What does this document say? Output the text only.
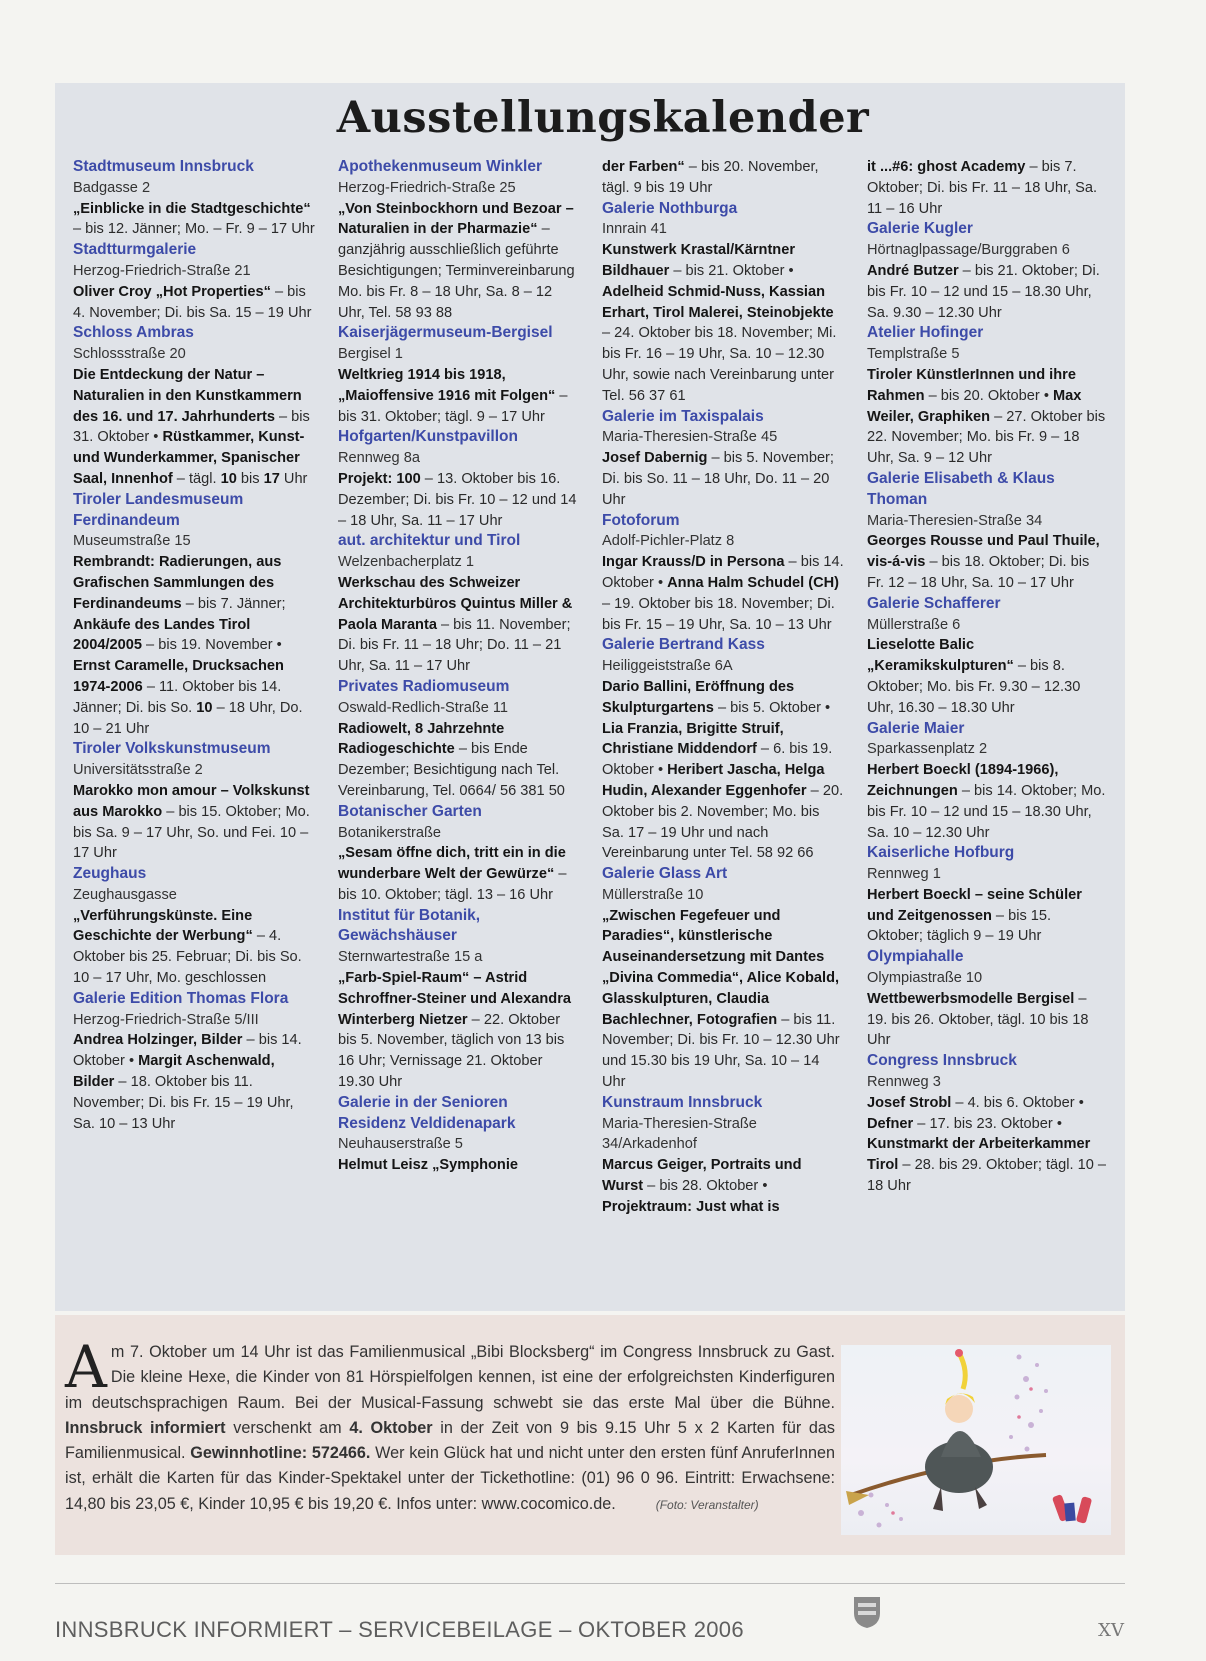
Ausstellungskalender

Stadtmuseum Innsbruck

Badgasse 2

„Einblicke in die Stadtgeschichte“ – bis 12. Jänner; Mo. – Fr. 9 – 17 Uhr

Stadtturmgalerie

Herzog-Friedrich-Straße 21

Oliver Croy „Hot Properties“ – bis 4. November; Di. bis Sa. 15 – 19 Uhr

Schloss Ambras

Schlossstraße 20

Die Entdeckung der Natur – Naturalien in den Kunstkammern des 16. und 17. Jahrhunderts – bis 31. Oktober • Rüstkammer, Kunst- und Wunderkammer, Spanischer Saal, Innenhof – tägl. 10 bis 17 Uhr

Tiroler Landesmuseum Ferdinandeum

Museumstraße 15

Rembrandt: Radierungen, aus Grafischen Sammlungen des Ferdinandeums – bis 7. Jänner; Ankäufe des Landes Tirol 2004/2005 – bis 19. November • Ernst Caramelle, Drucksachen 1974-2006 – 11. Oktober bis 14. Jänner; Di. bis So. 10 – 18 Uhr, Do. 10 – 21 Uhr

Tiroler Volkskunstmuseum

Universitätsstraße 2

Marokko mon amour – Volkskunst aus Marokko – bis 15. Oktober; Mo. bis Sa. 9 – 17 Uhr, So. und Fei. 10 – 17 Uhr

Zeughaus

Zeughausgasse

„Verführungskünste. Eine Geschichte der Werbung“ – 4. Oktober bis 25. Februar; Di. bis So. 10 – 17 Uhr, Mo. geschlossen

Galerie Edition Thomas Flora

Herzog-Friedrich-Straße 5/III

Andrea Holzinger, Bilder – bis 14. Oktober • Margit Aschenwald, Bilder – 18. Oktober bis 11. November; Di. bis Fr. 15 – 19 Uhr, Sa. 10 – 13 Uhr

Apothekenmuseum Winkler

Herzog-Friedrich-Straße 25

„Von Steinbockhorn und Bezoar – Naturalien in der Pharmazie“ – ganzjährig ausschließlich geführte Besichtigungen; Terminvereinbarung Mo. bis Fr. 8 – 18 Uhr, Sa. 8 – 12 Uhr, Tel. 58 93 88

Kaiserjägermuseum-Bergisel

Bergisel 1

Weltkrieg 1914 bis 1918, „Maioffensive 1916 mit Folgen“ – bis 31. Oktober; tägl. 9 – 17 Uhr

Hofgarten/Kunstpavillon

Rennweg 8a

Projekt: 100 – 13. Oktober bis 16. Dezember; Di. bis Fr. 10 – 12 und 14 – 18 Uhr, Sa. 11 – 17 Uhr

aut. architektur und Tirol

Welzenbacherplatz 1

Werkschau des Schweizer Architekturbüros Quintus Miller & Paola Maranta – bis 11. November; Di. bis Fr. 11 – 18 Uhr; Do. 11 – 21 Uhr, Sa. 11 – 17 Uhr

Privates Radiomuseum

Oswald-Redlich-Straße 11

Radiowelt, 8 Jahrzehnte Radiogeschichte – bis Ende Dezember; Besichtigung nach Tel. Vereinbarung, Tel. 0664/ 56 381 50

Botanischer Garten

Botanikerstraße

„Sesam öffne dich, tritt ein in die wunderbare Welt der Gewürze“ – bis 10. Oktober; tägl. 13 – 16 Uhr

Institut für Botanik, Gewächshäuser

Sternwartestraße 15 a

„Farb-Spiel-Raum“ – Astrid Schroffner-Steiner und Alexandra Winterberg Nietzer – 22. Oktober bis 5. November, täglich von 13 bis 16 Uhr; Vernissage 21. Oktober 19.30 Uhr

Galerie in der Senioren Residenz Veldidenapark

Neuhauserstraße 5

Helmut Leisz „Symphonie

der Farben“ – bis 20. November, tägl. 9 bis 19 Uhr

Galerie Nothburga

Innrain 41

Kunstwerk Krastal/Kärntner Bildhauer – bis 21. Oktober • Adelheid Schmid-Nuss, Kassian Erhart, Tirol Malerei, Steinobjekte – 24. Oktober bis 18. November; Mi. bis Fr. 16 – 19 Uhr, Sa. 10 – 12.30 Uhr, sowie nach Vereinbarung unter Tel. 56 37 61

Galerie im Taxispalais

Maria-Theresien-Straße 45

Josef Dabernig – bis 5. November; Di. bis So. 11 – 18 Uhr, Do. 11 – 20 Uhr

Fotoforum

Adolf-Pichler-Platz 8

Ingar Krauss/D in Persona – bis 14. Oktober • Anna Halm Schudel (CH) – 19. Oktober bis 18. November; Di. bis Fr. 15 – 19 Uhr, Sa. 10 – 13 Uhr

Galerie Bertrand Kass

Heiliggeiststraße 6A

Dario Ballini, Eröffnung des Skulpturgartens – bis 5. Oktober • Lia Franzia, Brigitte Struif, Christiane Middendorf – 6. bis 19. Oktober • Heribert Jascha, Helga Hudin, Alexander Eggenhofer – 20. Oktober bis 2. November; Mo. bis Sa. 17 – 19 Uhr und nach Vereinbarung unter Tel. 58 92 66

Galerie Glass Art

Müllerstraße 10

„Zwischen Fegefeuer und Paradies“, künstlerische Auseinandersetzung mit Dantes „Divina Commedia“, Alice Kobald, Glasskulpturen, Claudia Bachlechner, Fotografien – bis 11. November; Di. bis Fr. 10 – 12.30 Uhr und 15.30 bis 19 Uhr, Sa. 10 – 14 Uhr

Kunstraum Innsbruck

Maria-Theresien-Straße 34/Arkadenhof

Marcus Geiger, Portraits und Wurst – bis 28. Oktober • Projektraum: Just what is

it ...#6: ghost Academy – bis 7. Oktober; Di. bis Fr. 11 – 18 Uhr, Sa. 11 – 16 Uhr

Galerie Kugler

Hörtnaglpassage/Burggraben 6

André Butzer – bis 21. Oktober; Di. bis Fr. 10 – 12 und 15 – 18.30 Uhr, Sa. 9.30 – 12.30 Uhr

Atelier Hofinger

Templstraße 5

Tiroler KünstlerInnen und ihre Rahmen – bis 20. Oktober • Max Weiler, Graphiken – 27. Oktober bis 22. November; Mo. bis Fr. 9 – 18 Uhr, Sa. 9 – 12 Uhr

Galerie Elisabeth & Klaus Thoman

Maria-Theresien-Straße 34

Georges Rousse und Paul Thuile, vis-á-vis – bis 18. Oktober; Di. bis Fr. 12 – 18 Uhr, Sa. 10 – 17 Uhr

Galerie Schafferer

Müllerstraße 6

Lieselotte Balic „Keramikskulpturen“ – bis 8. Oktober; Mo. bis Fr. 9.30 – 12.30 Uhr, 16.30 – 18.30 Uhr

Galerie Maier

Sparkassenplatz 2

Herbert Boeckl (1894-1966), Zeichnungen – bis 14. Oktober; Mo. bis Fr. 10 – 12 und 15 – 18.30 Uhr, Sa. 10 – 12.30 Uhr

Kaiserliche Hofburg

Rennweg 1

Herbert Boeckl – seine Schüler und Zeitgenossen – bis 15. Oktober; täglich 9 – 19 Uhr

Olympiahalle

Olympiastraße 10

Wettbewerbsmodelle Bergisel – 19. bis 26. Oktober, tägl. 10 bis 18 Uhr

Congress Innsbruck

Rennweg 3

Josef Strobl – 4. bis 6. Oktober • Defner – 17. bis 23. Oktober • Kunstmarkt der Arbeiterkammer Tirol – 28. bis 29. Oktober; tägl. 10 – 18 Uhr

A m 7. Oktober um 14 Uhr ist das Familienmusical „Bibi Blocksberg“ im Congress Innsbruck zu Gast. Die kleine Hexe, die Kinder von 81 Hörspielfolgen kennen, ist eine der erfolgreichsten Kinderfiguren im deutschsprachigen Raum. Bei der Musical-Fassung schwebt sie das erste Mal über die Bühne. Innsbruck informiert verschenkt am 4. Oktober in der Zeit von 9 bis 9.15 Uhr 5 x 2 Karten für das Familienmusical. Gewinnhotline: 572466. Wer kein Glück hat und nicht unter den ersten fünf AnruferInnen ist, erhält die Karten für das Kinder-Spektakel unter der Tickethotline: (01) 96 0 96. Eintritt: Erwachsene: 14,80 bis 23,05 €, Kinder 10,95 € bis 19,20 €. Infos unter: www.cocomico.de.	(Foto: Veranstalter)

INNSBRUCK INFORMIERT – SERVICEBEILAGE – OKTOBER 2006	XV
